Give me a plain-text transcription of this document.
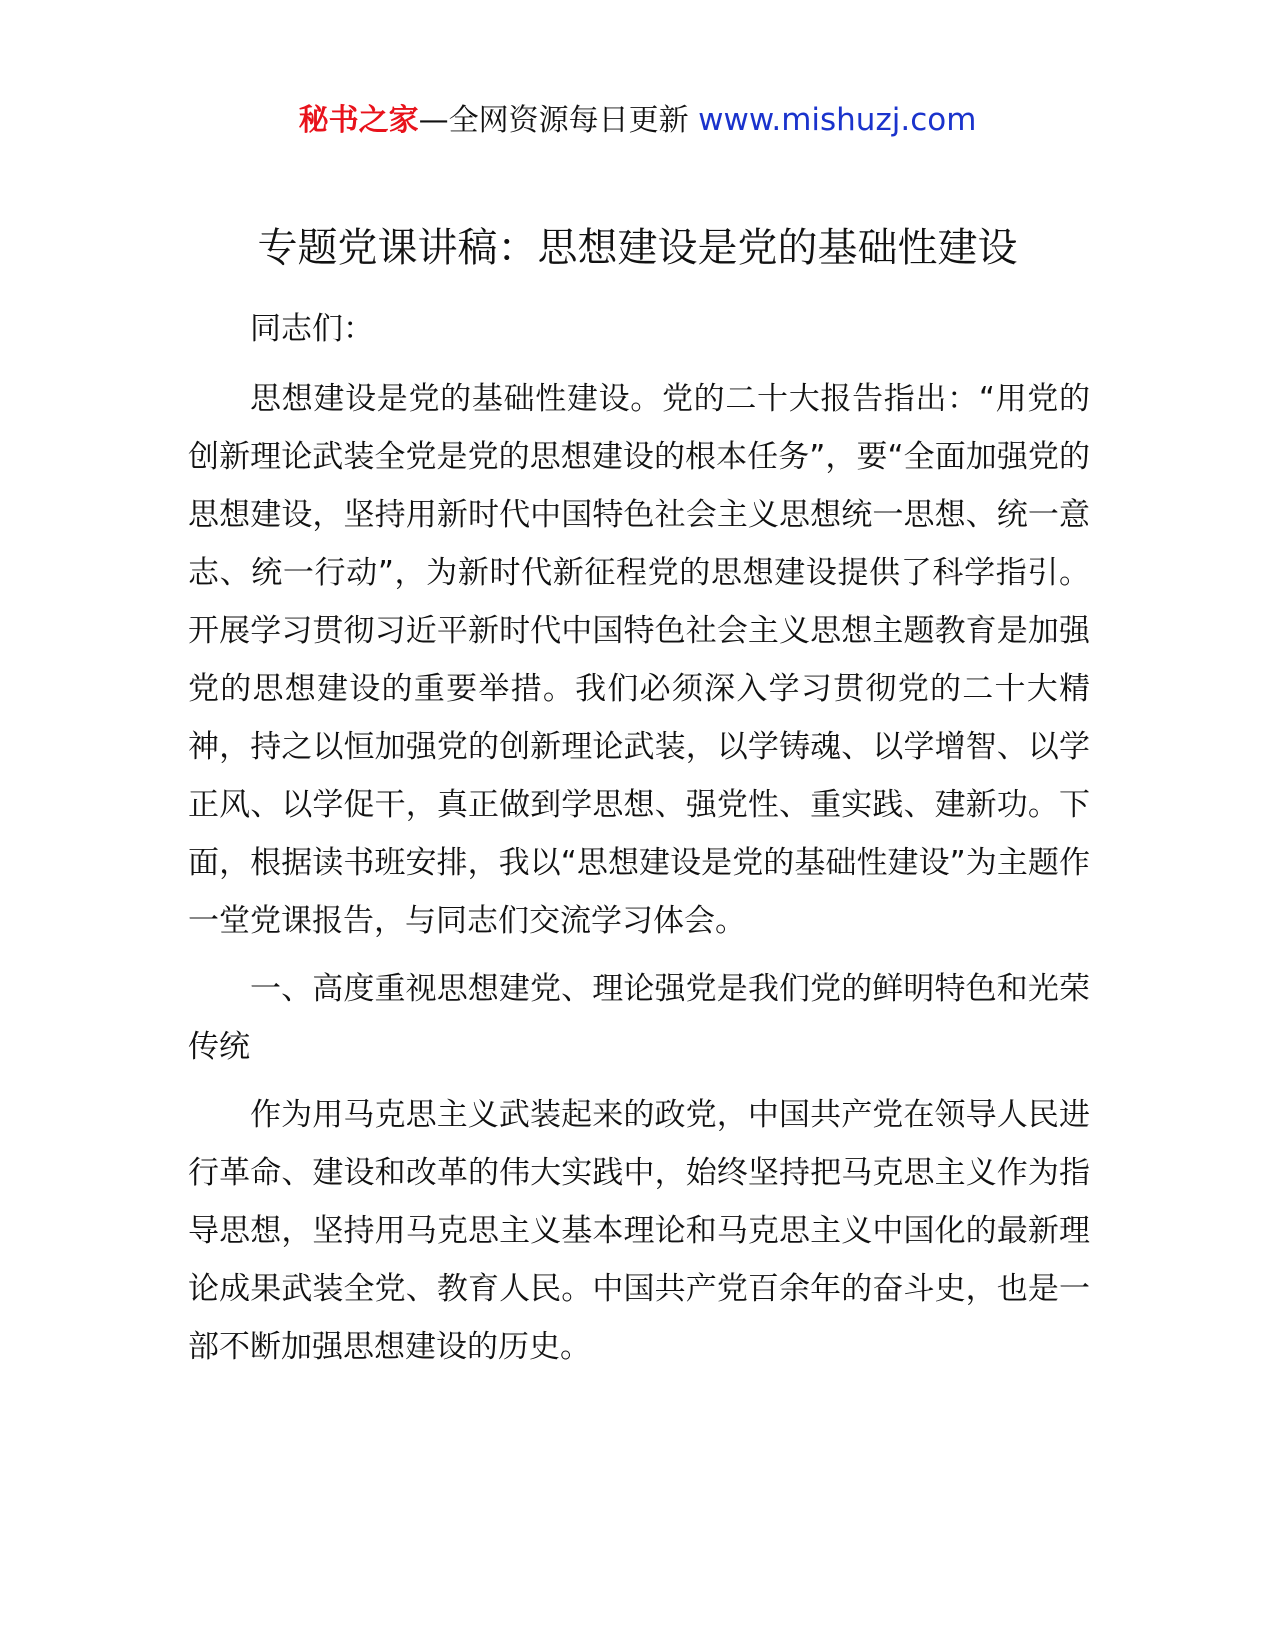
秘书之家—全网资源每日更新 www.mishuzj.com
专题党课讲稿：思想建设是党的基础性建设

同志们：

思想建设是党的基础性建设。党的二十大报告指出：“用党的创新理论武装全党是党的思想建设的根本任务”，要“全面加强党的思想建设，坚持用新时代中国特色社会主义思想统一思想、统一意志、统一行动”，为新时代新征程党的思想建设提供了科学指引。开展学习贯彻习近平新时代中国特色社会主义思想主题教育是加强党的思想建设的重要举措。我们必须深入学习贯彻党的二十大精神，持之以恒加强党的创新理论武装，以学铸魂、以学增智、以学正风、以学促干，真正做到学思想、强党性、重实践、建新功。下面，根据读书班安排，我以“思想建设是党的基础性建设”为主题作一堂党课报告，与同志们交流学习体会。

一、高度重视思想建党、理论强党是我们党的鲜明特色和光荣传统

作为用马克思主义武装起来的政党，中国共产党在领导人民进行革命、建设和改革的伟大实践中，始终坚持把马克思主义作为指导思想，坚持用马克思主义基本理论和马克思主义中国化的最新理论成果武装全党、教育人民。中国共产党百余年的奋斗史，也是一部不断加强思想建设的历史。
